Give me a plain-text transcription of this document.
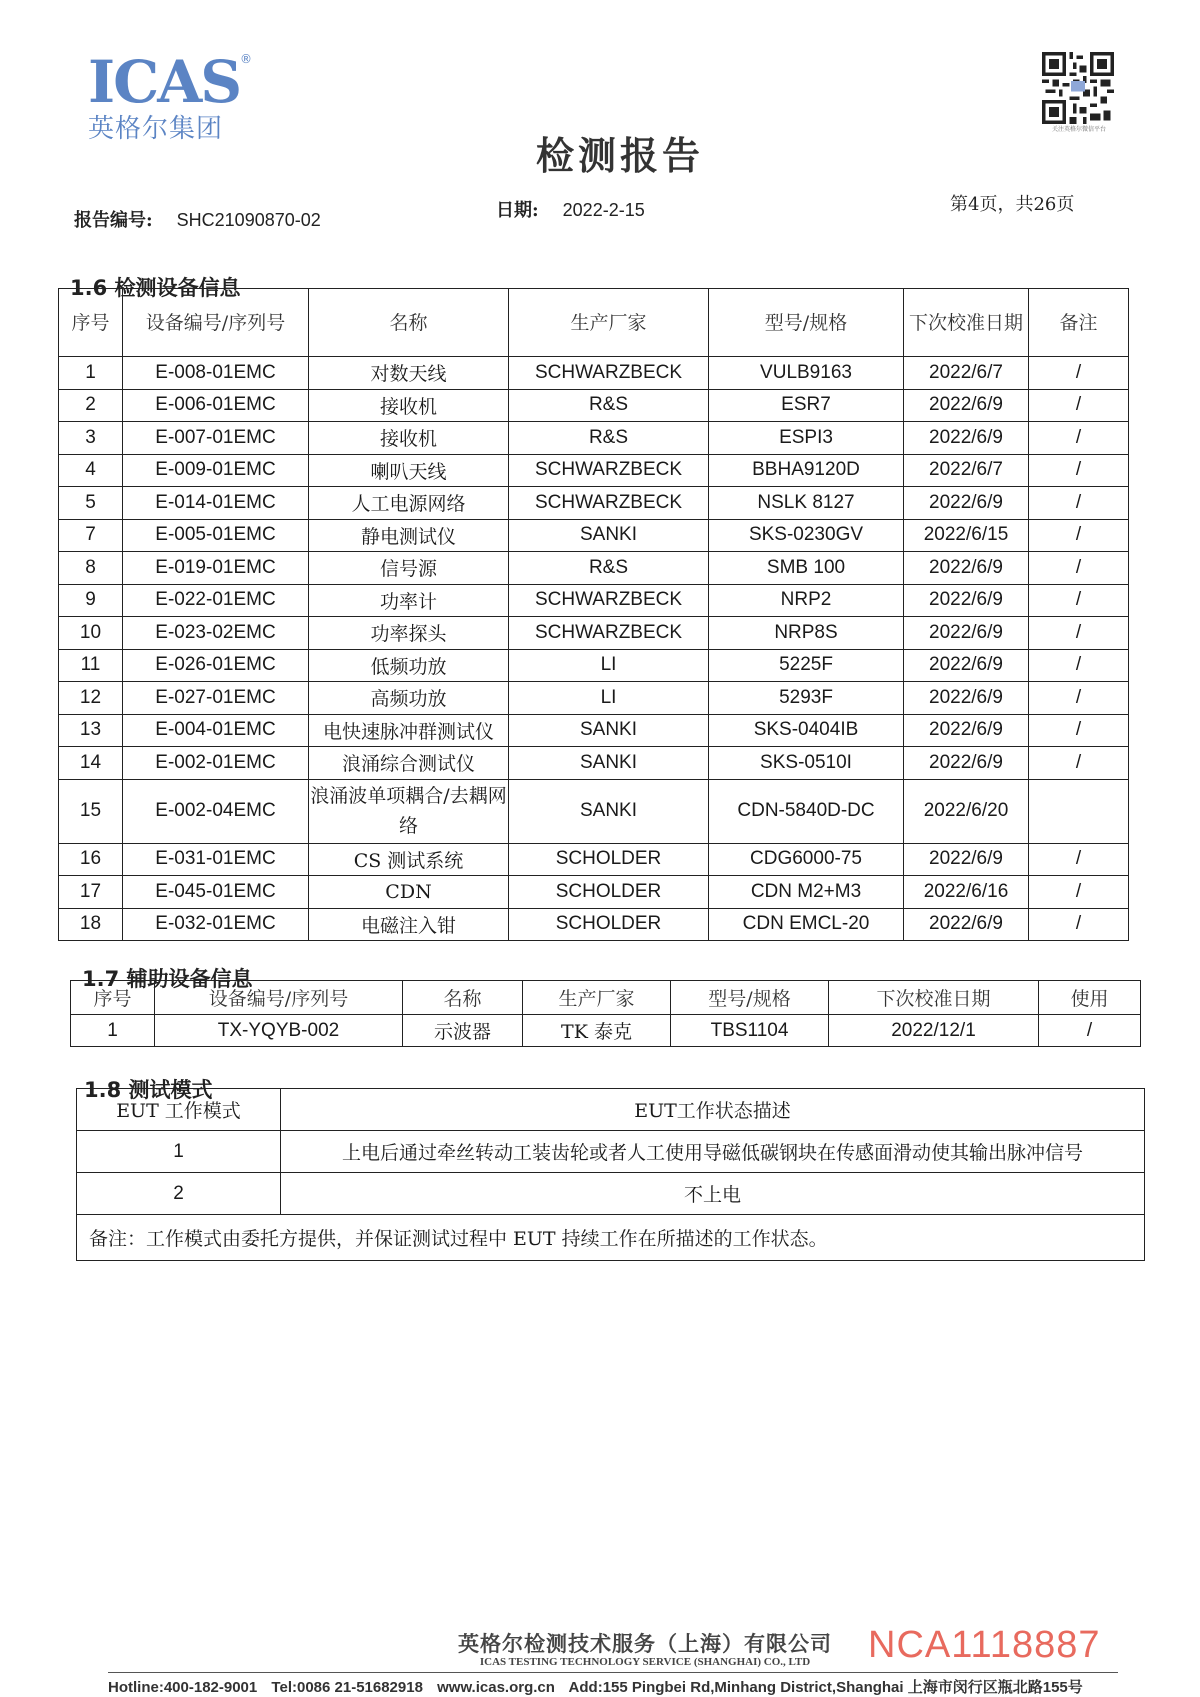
ICAS ®
英格尔集团	关注英格尔微信平台
检测报告
报告编号: SHC21090870-02	日期: 2022-2-15	第4页，共26页
1.6 检测设备信息
序号	设备编号/序列号	名称	生产厂家	型号/规格	下次校准日期	备注
1	E-008-01EMC	对数天线	SCHWARZBECK	VULB9163	2022/6/7	/
2	E-006-01EMC	接收机	R&S	ESR7	2022/6/9	/
3	E-007-01EMC	接收机	R&S	ESPI3	2022/6/9	/
4	E-009-01EMC	喇叭天线	SCHWARZBECK	BBHA9120D	2022/6/7	/
5	E-014-01EMC	人工电源网络	SCHWARZBECK	NSLK 8127	2022/6/9	/
7	E-005-01EMC	静电测试仪	SANKI	SKS-0230GV	2022/6/15	/
8	E-019-01EMC	信号源	R&S	SMB 100	2022/6/9	/
9	E-022-01EMC	功率计	SCHWARZBECK	NRP2	2022/6/9	/
10	E-023-02EMC	功率探头	SCHWARZBECK	NRP8S	2022/6/9	/
11	E-026-01EMC	低频功放	LI	5225F	2022/6/9	/
12	E-027-01EMC	高频功放	LI	5293F	2022/6/9	/
13	E-004-01EMC	电快速脉冲群测试仪	SANKI	SKS-0404IB	2022/6/9	/
14	E-002-01EMC	浪涌综合测试仪	SANKI	SKS-0510I	2022/6/9	/
15	E-002-04EMC	浪涌波单项耦合/去耦网络	SANKI	CDN-5840D-DC	2022/6/20	
16	E-031-01EMC	CS 测试系统	SCHOLDER	CDG6000-75	2022/6/9	/
17	E-045-01EMC	CDN	SCHOLDER	CDN M2+M3	2022/6/16	/
18	E-032-01EMC	电磁注入钳	SCHOLDER	CDN EMCL-20	2022/6/9	/
1.7 辅助设备信息
序号	设备编号/序列号	名称	生产厂家	型号/规格	下次校准日期	使用
1	TX-YQYB-002	示波器	TK 泰克	TBS1104	2022/12/1	/
1.8 测试模式
EUT 工作模式	EUT工作状态描述
1	上电后通过牵丝转动工装齿轮或者人工使用导磁低碳钢块在传感面滑动使其输出脉冲信号
2	不上电
备注：工作模式由委托方提供，并保证测试过程中 EUT 持续工作在所描述的工作状态。	
英格尔检测技术服务（上海）有限公司
ICAS TESTING TECHNOLOGY SERVICE (SHANGHAI) CO., LTD
Hotline:400-182-9001 Tel:0086 21-51682918 www.icas.org.cn Add:155 Pingbei Rd,Minhang District,Shanghai 上海市闵行区瓶北路155号
NCA1118887
